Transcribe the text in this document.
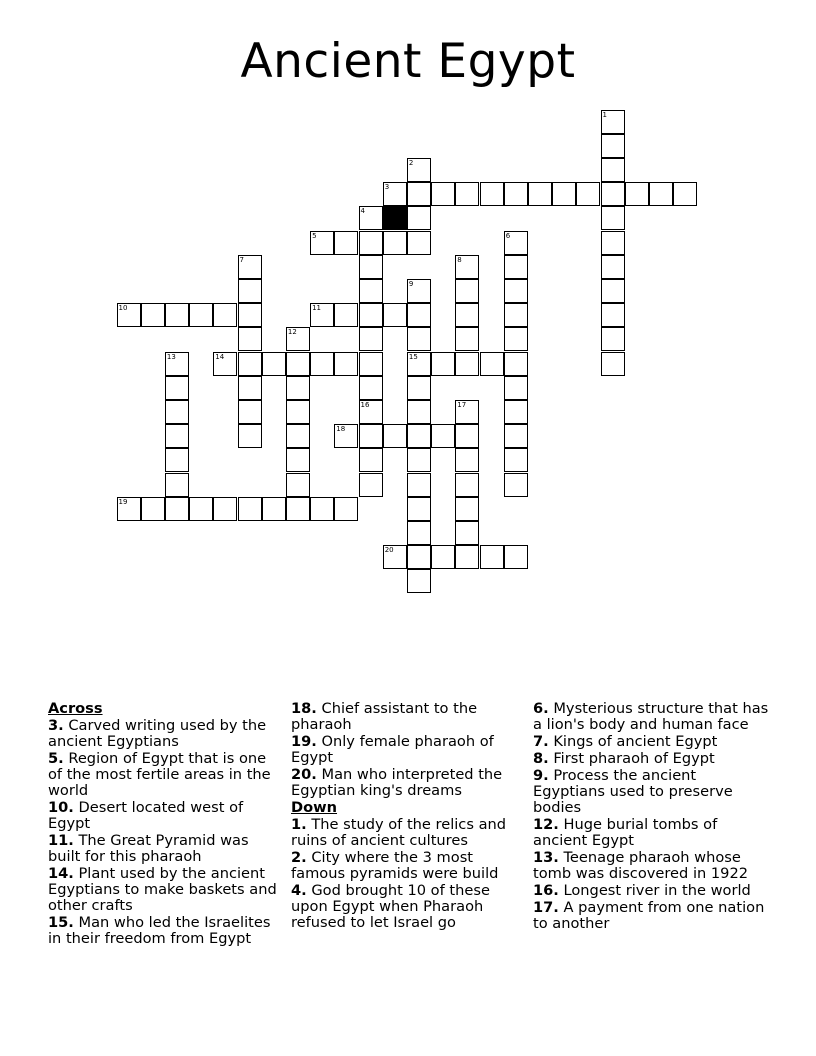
Ancient Egypt
1
2
3
4
16
5	6
7	8
9
15
10	11
12
13	14
17
18
19
20
Across
3. Carved writing used by the ancient Egyptians
5. Region of Egypt that is one of the most fertile areas in the world
10. Desert located west of Egypt
11. The Great Pyramid was built for this pharaoh
14. Plant used by the ancient Egyptians to make baskets and other crafts
15. Man who led the Israelites in their freedom from Egypt
18. Chief assistant to the pharaoh
19. Only female pharaoh of Egypt
20. Man who interpreted the Egyptian king's dreams
Down
1. The study of the relics and ruins of ancient cultures
2. City where the 3 most famous pyramids were build
4. God brought 10 of these upon Egypt when Pharaoh refused to let Israel go
6. Mysterious structure that has a lion's body and human face
7. Kings of ancient Egypt
8. First pharaoh of Egypt
9. Process the ancient Egyptians used to preserve bodies
12. Huge burial tombs of ancient Egypt
13. Teenage pharaoh whose tomb was discovered in 1922
16. Longest river in the world
17. A payment from one nation to another
